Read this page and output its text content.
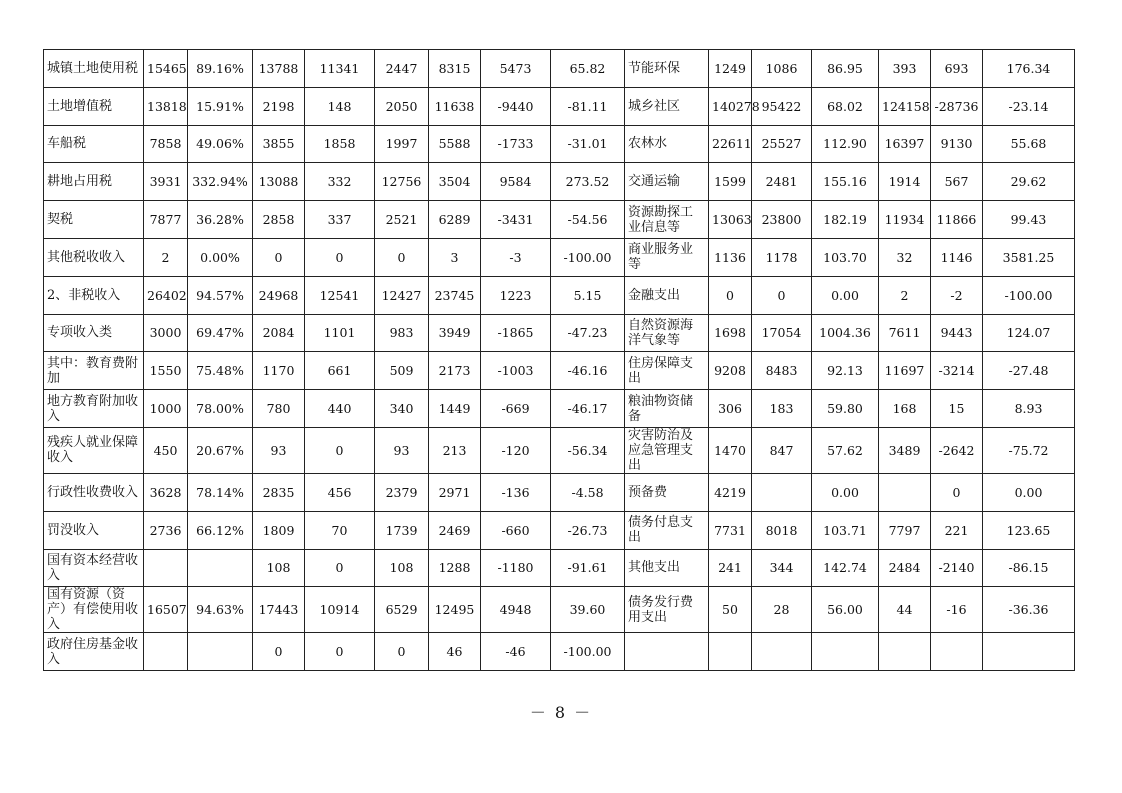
城镇土地使用税	15465	89.16%	13788	11341	2447	8315	5473	65.82	节能环保	1249	1086	86.95	393	693	176.34

土地增值税	13818	15.91%	2198	148	2050	11638	-9440	-81.11	城乡社区	140278	95422	68.02	124158	-28736	-23.14

车船税	7858	49.06%	3855	1858	1997	5588	-1733	-31.01	农林水	22611	25527	112.90	16397	9130	55.68

耕地占用税	3931	332.94%	13088	332	12756	3504	9584	273.52	交通运输	1599	2481	155.16	1914	567	29.62

契税	7877	36.28%	2858	337	2521	6289	-3431	-54.56	资源勘探工业信息等	13063	23800	182.19	11934	11866	99.43

其他税收收入	2	0.00%	0	0	0	3	-3	-100.00	商业服务业等	1136	1178	103.70	32	1146	3581.25

2、非税收入	26402	94.57%	24968	12541	12427	23745	1223	5.15	金融支出	0	0	0.00	2	-2	-100.00

专项收入类	3000	69.47%	2084	1101	983	3949	-1865	-47.23	自然资源海洋气象等	1698	17054	1004.36	7611	9443	124.07

其中：教育费附加	1550	75.48%	1170	661	509	2173	-1003	-46.16	住房保障支出	9208	8483	92.13	11697	-3214	-27.48

地方教育附加收入	1000	78.00%	780	440	340	1449	-669	-46.17	粮油物资储备	306	183	59.80	168	15	8.93

残疾人就业保障收入	450	20.67%	93	0	93	213	-120	-56.34	灾害防治及应急管理支出	1470	847	57.62	3489	-2642	-75.72

行政性收费收入	3628	78.14%	2835	456	2379	2971	-136	-4.58	预备费	4219		0.00		0	0.00

罚没收入	2736	66.12%	1809	70	1739	2469	-660	-26.73	债务付息支出	7731	8018	103.71	7797	221	123.65

国有资本经营收入			108	0	108	1288	-1180	-91.61	其他支出	241	344	142.74	2484	-2140	-86.15

国有资源（资产）有偿使用收入	16507	94.63%	17443	10914	6529	12495	4948	39.60	债务发行费用支出	50	28	56.00	44	-16	-36.36

政府住房基金收入			0	0	0	46	-46	-100.00	

－ 8 －
